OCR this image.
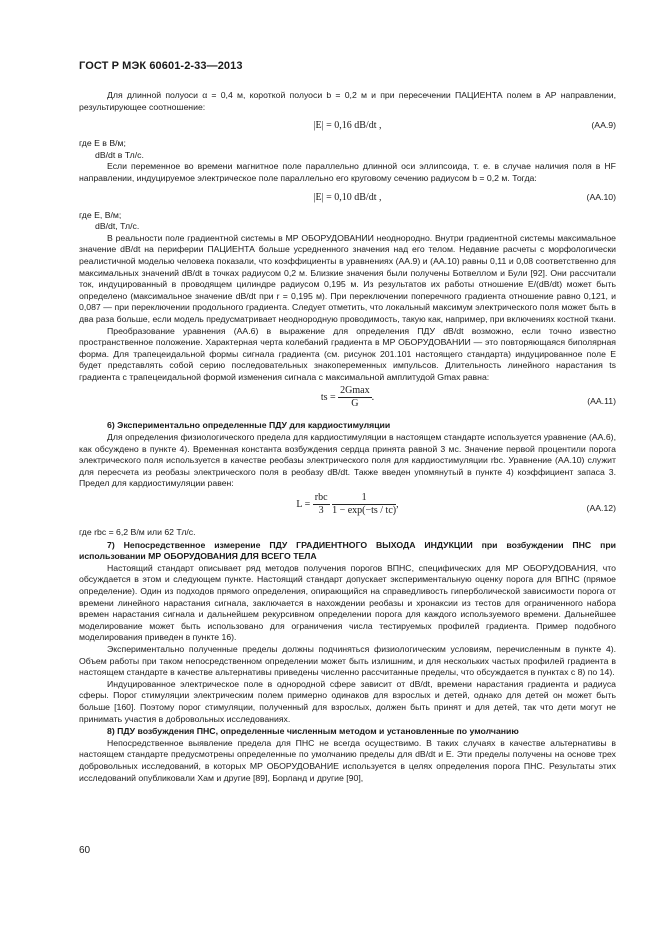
ГОСТ Р МЭК 60601-2-33—2013

Для длинной полуоси α = 0,4 м, короткой полуоси b = 0,2 м и при пересечении ПАЦИЕНТА полем в АР направлении, результирующее соотношение:

|E| = 0,16 dB/dt ,	(AA.9)

где E в В/м;

dB/dt в Тл/с.

Если переменное во времени магнитное поле параллельно длинной оси эллипсоида, т. е. в случае наличия поля в HF направлении, индуцируемое электрическое поле параллельно его круговому сечению радиусом b = 0,2 м. Тогда:

|E| = 0,10 dB/dt ,	(AA.10)

где E, В/м;

dB/dt, Тл/с.

В реальности поле градиентной системы в МР ОБОРУДОВАНИИ неоднородно. Внутри градиентной системы максимальное значение dB/dt на периферии ПАЦИЕНТА больше усредненного значения над его телом. Недавние расчеты с морфологически реалистичной моделью человека показали, что коэффициенты в уравнениях (AA.9) и (AA.10) равны 0,11 и 0,08 соответственно для максимальных значений dB/dt в точках радиусом 0,2 м. Близкие значения были получены Ботвеллом и Були [92]. Они рассчитали ток, индуцированный в проводящем цилиндре радиусом 0,195 м. Из результатов их работы отношение E/(dB/dt) может быть определено (максимальное значение dB/dt при r = 0,195 м). При переключении поперечного градиента отношение равно 0,121, и 0,087 — при переключении продольного градиента. Следует отметить, что локальный максимум электрического поля может быть в два раза больше, если модель предусматривает неоднородную проводимость, такую как, например, при включениях костной ткани.

Преобразование уравнения (AA.6) в выражение для определения ПДУ dB/dt возможно, если точно известно пространственное положение. Характерная черта колебаний градиента в МР ОБОРУДОВАНИИ — это повторяющаяся биполярная форма. Для трапецеидальной формы сигнала градиента (см. рисунок 201.101 настоящего стандарта) индуцированное поле E будет представлять собой серию последовательных знакопеременных импульсов. Длительность линейного нарастания ts градиента с трапецеидальной формой изменения сигнала с максимальной амплитудой Gmax равна:

ts = $\frac{2Gmax}{G}$ .	(AA.11)

6) Экспериментально определенные ПДУ для кардиостимуляции

Для определения физиологического предела для кардиостимуляции в настоящем стандарте используется уравнение (AA.6), как обсуждено в пункте 4). Временная константа возбуждения сердца принята равной 3 мс. Значение первой процентили порога электрического поля используется в качестве реобазы электрического поля для кардиостимуляции rbc. Уравнение (AA.10) служит для пересчета из реобазы электрического поля в реобазу dB/dt. Также введен упомянутый в пункте 4) коэффициент запаса 3. Предел для кардиостимуляции равен:

$L = \frac{\text{rbc}}{3}$
$\frac{1}{1 - \exp(-ts / tc)}$ ,	(AA.12)

где rbc = 6,2 В/м или 62 Тл/с.

7) Непосредственное измерение ПДУ ГРАДИЕНТНОГО ВЫХОДА ИНДУКЦИИ при возбуждении ПНС при использовании МР ОБОРУДОВАНИЯ ДЛЯ ВСЕГО ТЕЛА

Настоящий стандарт описывает ряд методов получения порогов ВПНС, специфических для МР ОБОРУДОВАНИЯ, что обсуждается в этом и следующем пункте. Настоящий стандарт допускает экспериментальную оценку порога для ВПНС (прямое определение). Один из подходов прямого определения, опирающийся на справедливость гиперболической зависимости порога от времени линейного нарастания сигнала, заключается в нахождении реобазы и хронаксии из тестов для ограниченного набора времен нарастания сигнала и дальнейшем рекурсивном определении порога для каждого используемого времени. Дальнейшее моделирование может быть использовано для ограничения числа тестируемых профилей градиента. Пример подобного моделирования приведен в пункте 16).

Экспериментально полученные пределы должны подчиняться физиологическим условиям, перечисленным в пункте 4). Объем работы при таком непосредственном определении может быть излишним, и для нескольких частых профилей градиента в настоящем стандарте в качестве альтернативы приведены численно рассчитанные пределы, что обсуждается в пунктах c 8) по 14).

Индуцированное электрическое поле в однородной сфере зависит от dB/dt, времени нарастания градиента и радиуса сферы. Порог стимуляции электрическим полем примерно одинаков для взрослых и детей, однако для детей он может быть больше [160]. Поэтому порог стимуляции, полученный для взрослых, должен быть принят и для детей, так что дети могут не принимать участия в добровольных исследованиях.

8) ПДУ возбуждения ПНС, определенные численным методом и установленные по умолчанию

Непосредственное выявление предела для ПНС не всегда осуществимо. В таких случаях в качестве альтернативы в настоящем стандарте предусмотрены определенные по умолчанию пределы для dB/dt и E. Эти пределы получены на основе трех добровольных исследований, в которых МР ОБОРУДОВАНИЕ используется в целях определения порога ПНС. Результаты этих исследований опубликовали Хам и другие [89], Борланд и другие [90],

60
